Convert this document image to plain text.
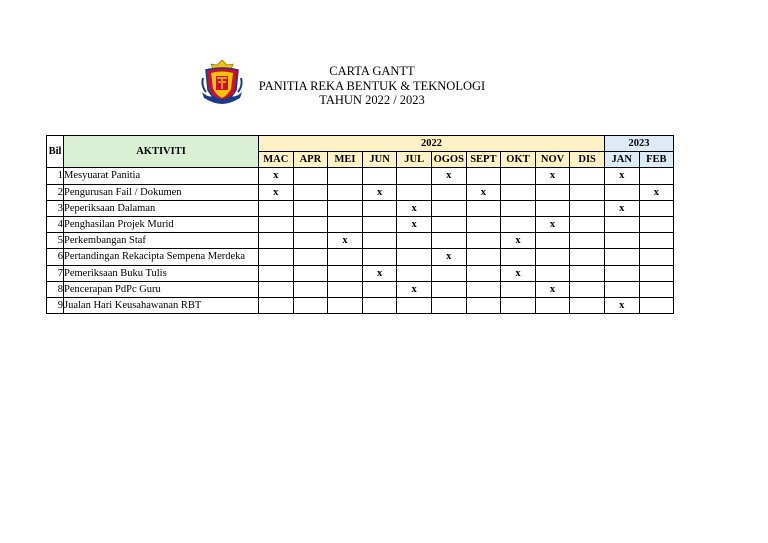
CARTA GANTT
PANITIA REKA BENTUK & TEKNOLOGI
TAHUN 2022 / 2023
Bil	AKTIVITI	2022										2023	
		MAC	APR	MEI	JUN	JUL	OGOS	SEPT	OKT	NOV	DIS	JAN	FEB
1	Mesyuarat Panitia	x					x			x		x	
2	Pengurusan Fail / Dokumen	x			x			x					x
3	Peperiksaan Dalaman					x						x	
4	Penghasilan Projek Murid					x				x			
5	Perkembangan Staf			x					x				
6	Pertandingan Rekacipta Sempena Merdeka						x						
7	Pemeriksaan Buku Tulis				x				x				
8	Pencerapan PdPc Guru					x				x			
9	Jualan Hari Keusahawanan RBT											x	
